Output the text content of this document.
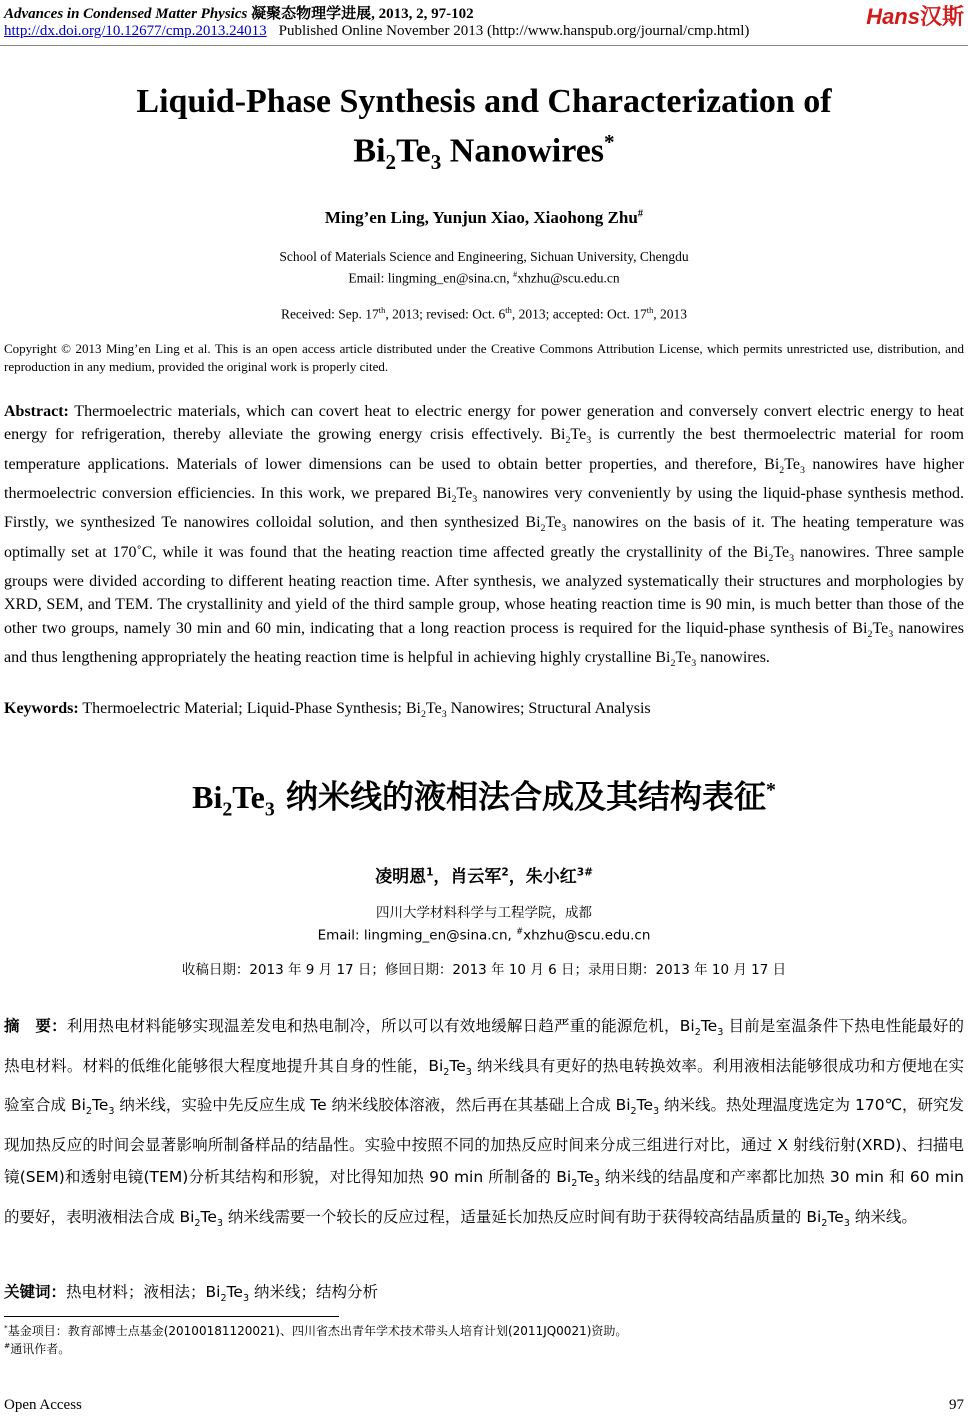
Advances in Condensed Matter Physics 凝聚态物理学进展, 2013, 2, 97-102
http://dx.doi.org/10.12677/cmp.2013.24013 Published Online November 2013 (http://www.hanspub.org/journal/cmp.html)
Hans汉斯
Liquid-Phase Synthesis and Characterization of
$Bi_2Te_3$ Nanowires*
Ming’en Ling, Yunjun Xiao, Xiaohong Zhu#
School of Materials Science and Engineering, Sichuan University, Chengdu
Email: lingming_en@sina.cn, #xhzhu@scu.edu.cn
Received: Sep. 17th, 2013; revised: Oct. 6th, 2013; accepted: Oct. 17th, 2013
Copyright © 2013 Ming’en Ling et al. This is an open access article distributed under the Creative Commons Attribution License, which permits unrestricted use, distribution, and reproduction in any medium, provided the original work is properly cited.
Abstract: Thermoelectric materials, which can covert heat to electric energy for power generation and conversely convert electric energy to heat energy for refrigeration, thereby alleviate the growing energy crisis effectively. $Bi_2Te_3$ is currently the best thermoelectric material for room temperature applications. Materials of lower dimensions can be used to obtain better properties, and therefore, $Bi_2Te_3$ nanowires have higher thermoelectric conversion efficiencies. In this work, we prepared $Bi_2Te_3$ nanowires very conveniently by using the liquid-phase synthesis method. Firstly, we synthesized Te nanowires colloidal solution, and then synthesized $Bi_2Te_3$ nanowires on the basis of it. The heating temperature was optimally set at 170˚C, while it was found that the heating reaction time affected greatly the crystallinity of the $Bi_2Te_3$ nanowires. Three sample groups were divided according to different heating reaction time. After synthesis, we analyzed systematically their structures and morphologies by XRD, SEM, and TEM. The crystallinity and yield of the third sample group, whose heating reaction time is 90 min, is much better than those of the other two groups, namely 30 min and 60 min, indicating that a long reaction process is required for the liquid-phase synthesis of $Bi_2Te_3$ nanowires and thus lengthening appropriately the heating reaction time is helpful in achieving highly crystalline $Bi_2Te_3$ nanowires.
Keywords: Thermoelectric Material; Liquid-Phase Synthesis; $Bi_2Te_3$ Nanowires; Structural Analysis
$Bi_2Te_3$ 纳米线的液相法合成及其结构表征*
凌明恩$^1$，肖云军$^2$，朱小红$^{3\#}$
四川大学材料科学与工程学院，成都
Email: lingming_en@sina.cn, #xhzhu@scu.edu.cn
收稿日期：2013 年 9 月 17 日；修回日期：2013 年 10 月 6 日；录用日期：2013 年 10 月 17 日
摘　要：利用热电材料能够实现温差发电和热电制冷，所以可以有效地缓解日趋严重的能源危机，$Bi_2Te_3$ 目前是室温条件下热电性能最好的热电材料。材料的低维化能够很大程度地提升其自身的性能，$Bi_2Te_3$ 纳米线具有更好的热电转换效率。利用液相法能够很成功和方便地在实验室合成 $Bi_2Te_3$ 纳米线，实验中先反应生成 Te 纳米线胶体溶液，然后再在其基础上合成 $Bi_2Te_3$ 纳米线。热处理温度选定为 170℃，研究发现加热反应的时间会显著影响所制备样品的结晶性。实验中按照不同的加热反应时间来分成三组进行对比，通过 X 射线衍射(XRD)、扫描电镜(SEM)和透射电镜(TEM)分析其结构和形貌，对比得知加热 90 min 所制备的 $Bi_2Te_3$ 纳米线的结晶度和产率都比加热 30 min 和 60 min 的要好，表明液相法合成 $Bi_2Te_3$ 纳米线需要一个较长的反应过程，适量延长加热反应时间有助于获得较高结晶质量的 $Bi_2Te_3$ 纳米线。
关键词：热电材料；液相法；$Bi_2Te_3$ 纳米线；结构分析
*基金项目：教育部博士点基金(20100181120021)、四川省杰出青年学术技术带头人培育计划(2011JQ0021)资助。
#通讯作者。
Open Access	97
